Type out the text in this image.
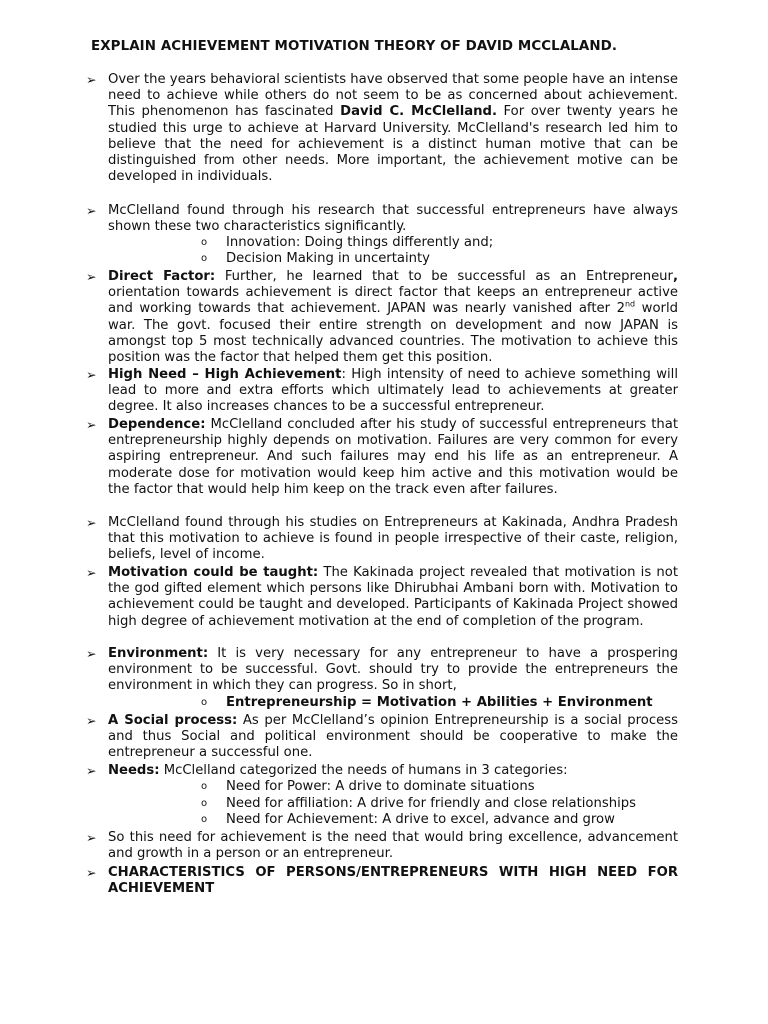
EXPLAIN ACHIEVEMENT MOTIVATION THEORY OF DAVID MCCLALAND.
➢ Over the years behavioral scientists have observed that some people have an intense need to achieve while others do not seem to be as concerned about achievement. This phenomenon has fascinated David C. McClelland. For over twenty years he studied this urge to achieve at Harvard University. McClelland's research led him to believe that the need for achievement is a distinct human motive that can be distinguished from other needs. More important, the achievement motive can be developed in individuals.
➢ McClelland found through his research that successful entrepreneurs have always shown these two characteristics significantly.
o Innovation: Doing things differently and;
o Decision Making in uncertainty
➢ Direct Factor: Further, he learned that to be successful as an Entrepreneur, orientation towards achievement is direct factor that keeps an entrepreneur active and working towards that achievement. JAPAN was nearly vanished after 2nd world war. The govt. focused their entire strength on development and now JAPAN is amongst top 5 most technically advanced countries. The motivation to achieve this position was the factor that helped them get this position.
➢ High Need – High Achievement: High intensity of need to achieve something will lead to more and extra efforts which ultimately lead to achievements at greater degree. It also increases chances to be a successful entrepreneur.
➢ Dependence: McClelland concluded after his study of successful entrepreneurs that entrepreneurship highly depends on motivation. Failures are very common for every aspiring entrepreneur. And such failures may end his life as an entrepreneur. A moderate dose for motivation would keep him active and this motivation would be the factor that would help him keep on the track even after failures.
➢ McClelland found through his studies on Entrepreneurs at Kakinada, Andhra Pradesh that this motivation to achieve is found in people irrespective of their caste, religion, beliefs, level of income.
➢ Motivation could be taught: The Kakinada project revealed that motivation is not the god gifted element which persons like Dhirubhai Ambani born with. Motivation to achievement could be taught and developed. Participants of Kakinada Project showed high degree of achievement motivation at the end of completion of the program.
➢ Environment: It is very necessary for any entrepreneur to have a prospering environment to be successful. Govt. should try to provide the entrepreneurs the environment in which they can progress. So in short,
o Entrepreneurship = Motivation + Abilities + Environment
➢ A Social process: As per McClelland’s opinion Entrepreneurship is a social process and thus Social and political environment should be cooperative to make the entrepreneur a successful one.
➢ Needs: McClelland categorized the needs of humans in 3 categories:
o Need for Power: A drive to dominate situations
o Need for affiliation: A drive for friendly and close relationships
o Need for Achievement: A drive to excel, advance and grow
➢ So this need for achievement is the need that would bring excellence, advancement and growth in a person or an entrepreneur.
➢ CHARACTERISTICS OF PERSONS/ENTREPRENEURS WITH HIGH NEED FOR ACHIEVEMENT
